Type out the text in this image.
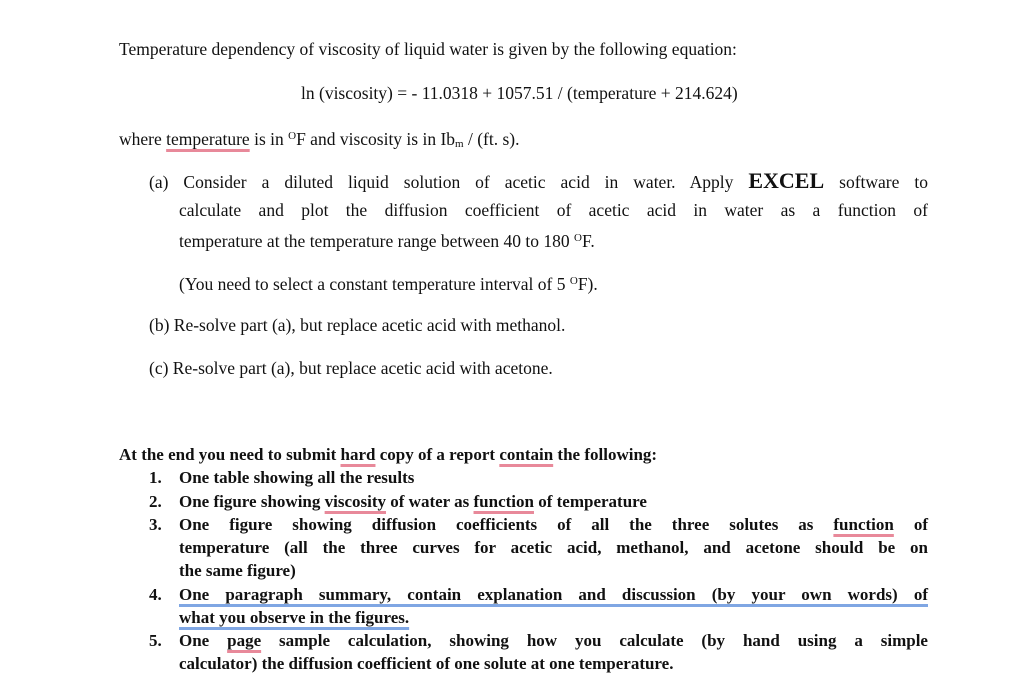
Temperature dependency of viscosity of liquid water is given by the following equation:
ln (viscosity) = - 11.0318 + 1057.51 / (temperature + 214.624)
where temperature is in $^O$F and viscosity is in $Ib_m / (ft$. s).
(a) Consider a diluted liquid solution of acetic acid in water. Apply EXCEL software to
calculate and plot the diffusion coefficient of acetic acid in water as a function of
temperature at the temperature range between 40 to 180 $^O$F.
(You need to select a constant temperature interval of 5 $^O$F).
(b) Re-solve part (a), but replace acetic acid with methanol.
(c) Re-solve part (a), but replace acetic acid with acetone.
At the end you need to submit hard copy of a report contain the following:
1. One table showing all the results
2. One figure showing viscosity of water as function of temperature
3. One figure showing diffusion coefficients of all the three solutes as function of
temperature (all the three curves for acetic acid, methanol, and acetone should be on
the same figure)
4. One paragraph summary, contain explanation and discussion (by your own words) of
what you observe in the figures.
5. One page sample calculation, showing how you calculate (by hand using a simple
calculator) the diffusion coefficient of one solute at one temperature.
